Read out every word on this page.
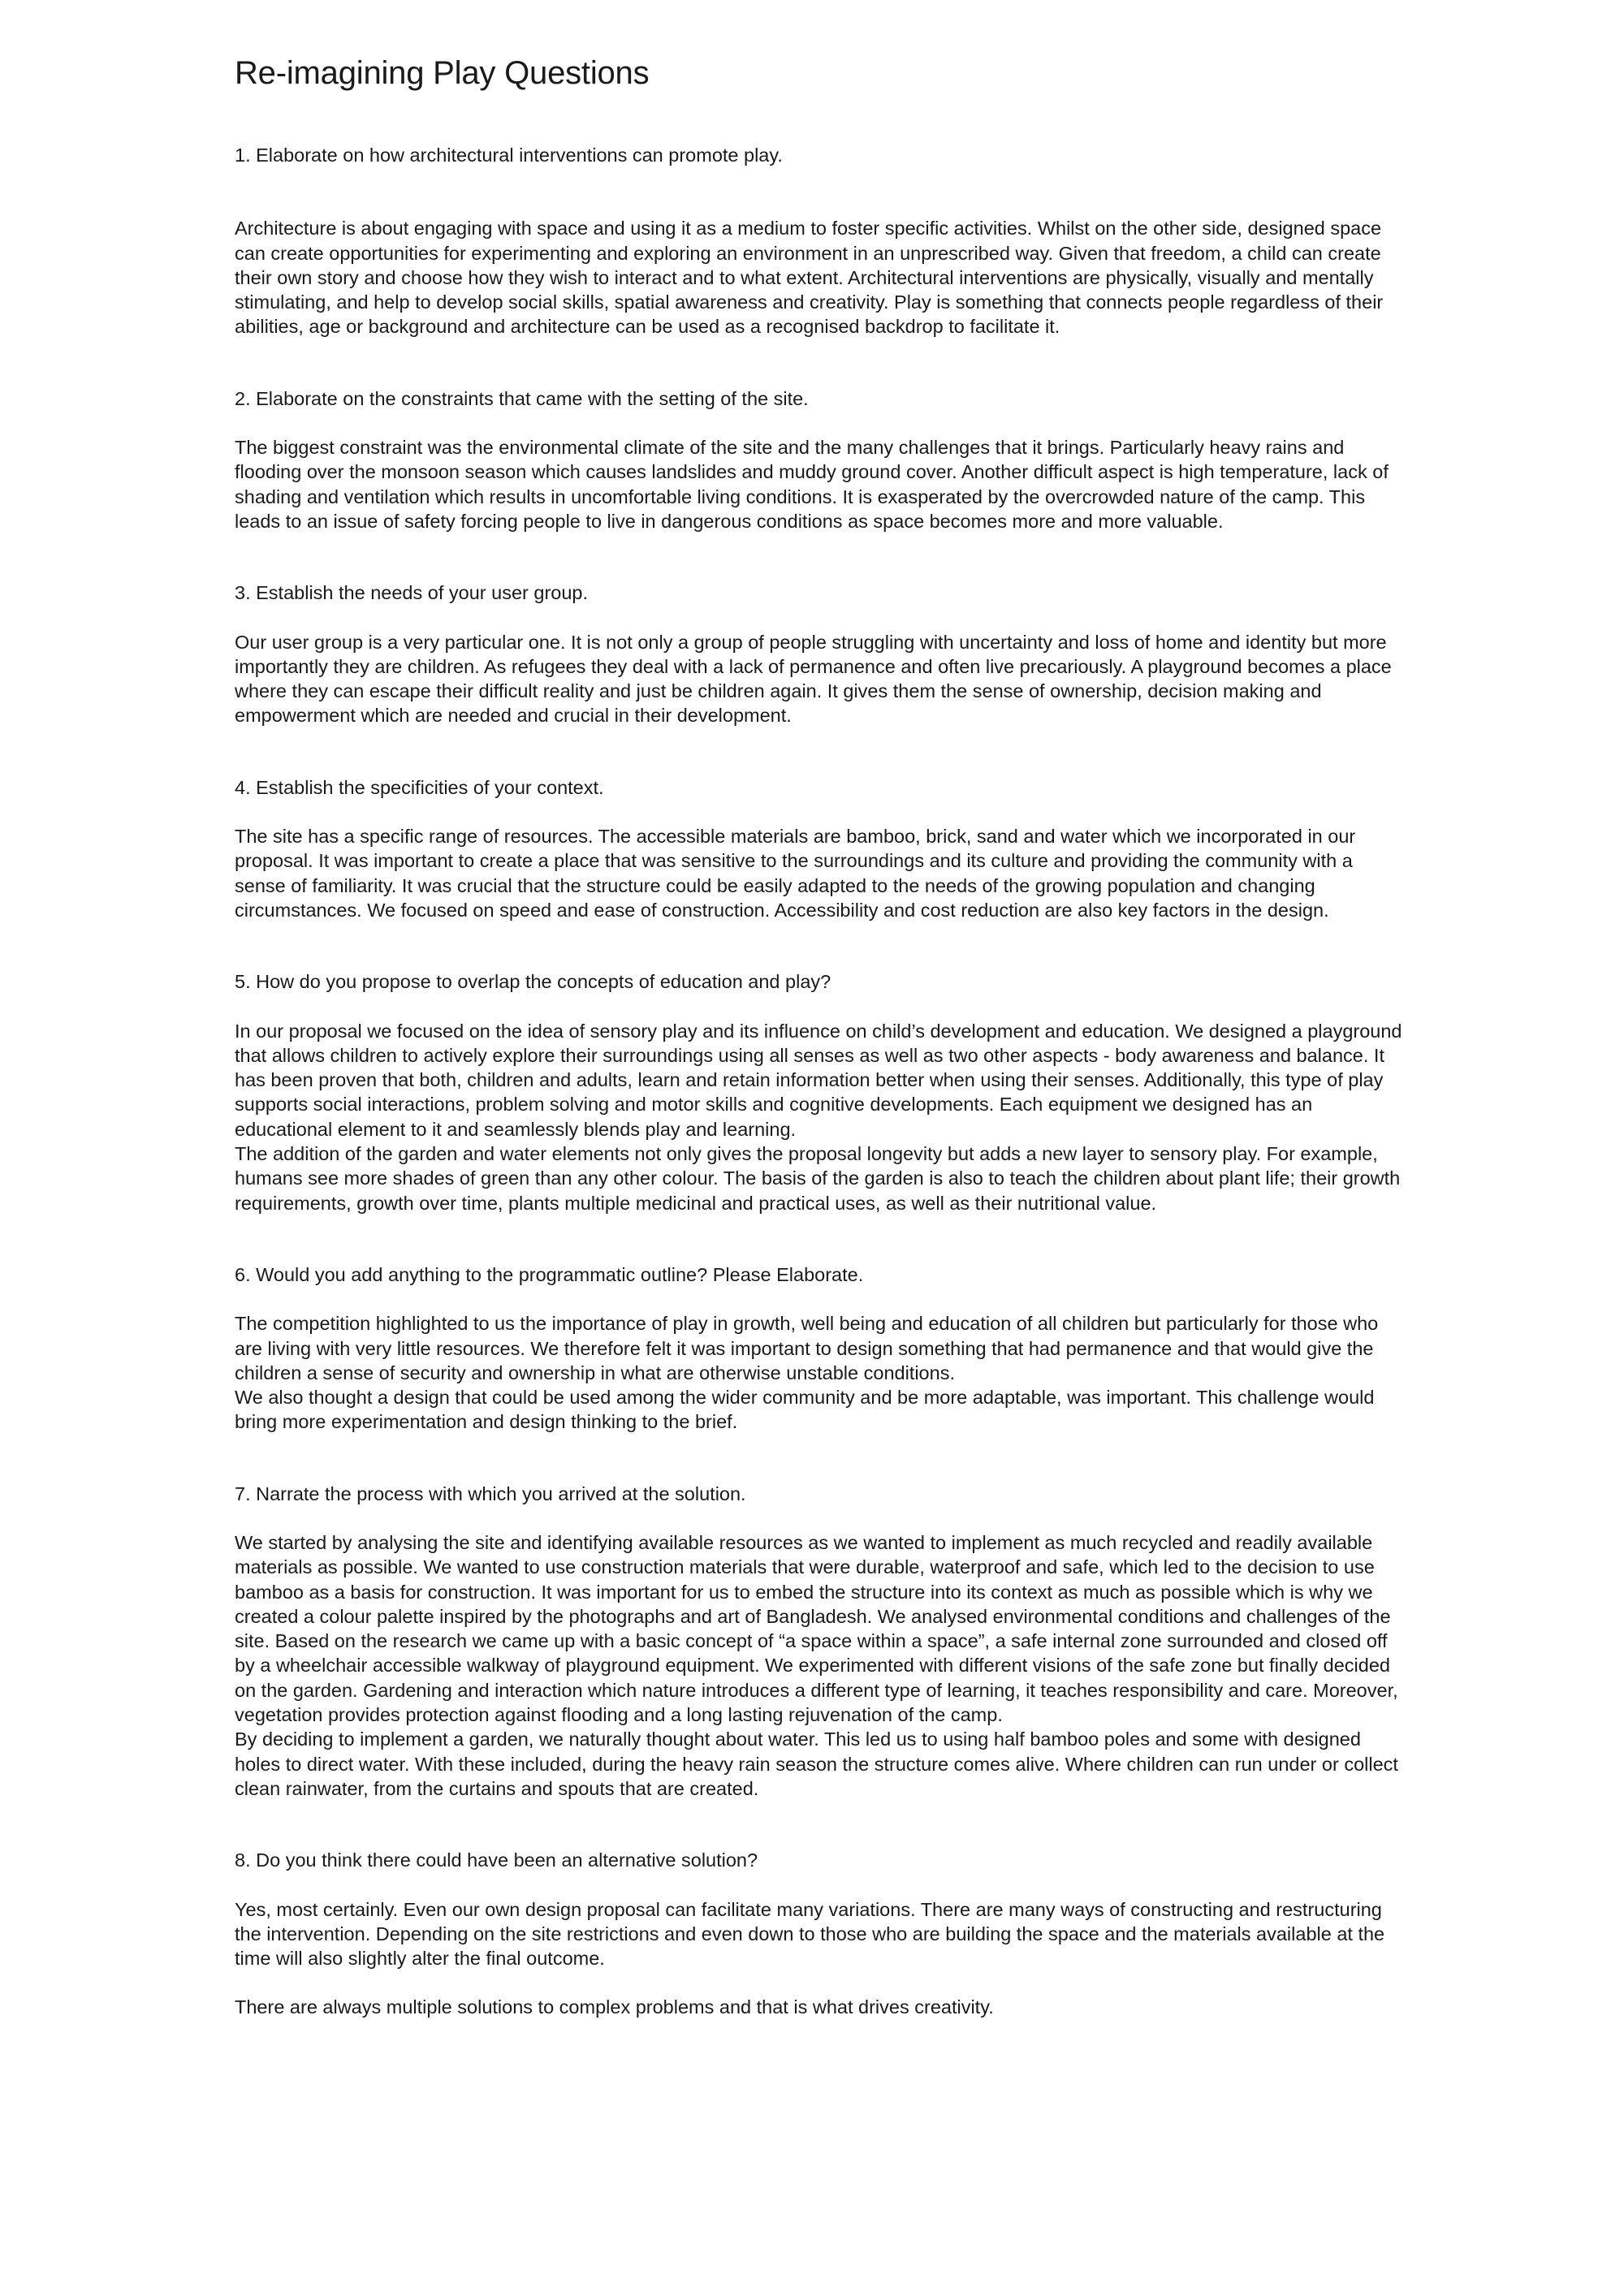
Re-imagining Play Questions
1. Elaborate on how architectural interventions can promote play.

Architecture is about engaging with space and using it as a medium to foster specific activities. Whilst on the other side, designed space can create opportunities for experimenting and exploring an environment in an unprescribed way. Given that freedom, a child can create their own story and choose how they wish to interact and to what extent. Architectural interventions are physically, visually and mentally stimulating, and help to develop social skills, spatial awareness and creativity. Play is something that connects people regardless of their abilities, age or background and architecture can be used as a recognised backdrop to facilitate it.

2. Elaborate on the constraints that came with the setting of the site.

The biggest constraint was the environmental climate of the site and the many challenges that it brings. Particularly heavy rains and flooding over the monsoon season which causes landslides and muddy ground cover. Another difficult aspect is high temperature, lack of shading and ventilation which results in uncomfortable living conditions. It is exasperated by the overcrowded nature of the camp. This leads to an issue of safety forcing people to live in dangerous conditions as space becomes more and more valuable.

3. Establish the needs of your user group.

Our user group is a very particular one. It is not only a group of people struggling with uncertainty and loss of home and identity but more importantly they are children. As refugees they deal with a lack of permanence and often live precariously. A playground becomes a place where they can escape their difficult reality and just be children again. It gives them the sense of ownership, decision making and empowerment which are needed and crucial in their development.

4. Establish the specificities of your context.

The site has a specific range of resources. The accessible materials are bamboo, brick, sand and water which we incorporated in our proposal. It was important to create a place that was sensitive to the surroundings and its culture and providing the community with a sense of familiarity. It was crucial that the structure could be easily adapted to the needs of the growing population and changing circumstances. We focused on speed and ease of construction. Accessibility and cost reduction are also key factors in the design.

5. How do you propose to overlap the concepts of education and play?

In our proposal we focused on the idea of sensory play and its influence on child’s development and education. We designed a playground that allows children to actively explore their surroundings using all senses as well as two other aspects - body awareness and balance. It has been proven that both, children and adults, learn and retain information better when using their senses. Additionally, this type of play supports social interactions, problem solving and motor skills and cognitive developments. Each equipment we designed has an educational element to it and seamlessly blends play and learning.

The addition of the garden and water elements not only gives the proposal longevity but adds a new layer to sensory play. For example, humans see more shades of green than any other colour. The basis of the garden is also to teach the children about plant life; their growth requirements, growth over time, plants multiple medicinal and practical uses, as well as their nutritional value.

6. Would you add anything to the programmatic outline? Please Elaborate.

The competition highlighted to us the importance of play in growth, well being and education of all children but particularly for those who are living with very little resources. We therefore felt it was important to design something that had permanence and that would give the children a sense of security and ownership in what are otherwise unstable conditions.

We also thought a design that could be used among the wider community and be more adaptable, was important. This challenge would bring more experimentation and design thinking to the brief.

7. Narrate the process with which you arrived at the solution.

We started by analysing the site and identifying available resources as we wanted to implement as much recycled and readily available materials as possible. We wanted to use construction materials that were durable, waterproof and safe, which led to the decision to use bamboo as a basis for construction. It was important for us to embed the structure into its context as much as possible which is why we created a colour palette inspired by the photographs and art of Bangladesh. We analysed environmental conditions and challenges of the site. Based on the research we came up with a basic concept of “a space within a space”, a safe internal zone surrounded and closed off by a wheelchair accessible walkway of playground equipment. We experimented with different visions of the safe zone but finally decided on the garden. Gardening and interaction which nature introduces a different type of learning, it teaches responsibility and care. Moreover, vegetation provides protection against flooding and a long lasting rejuvenation of the camp.

By deciding to implement a garden, we naturally thought about water. This led us to using half bamboo poles and some with designed holes to direct water. With these included, during the heavy rain season the structure comes alive. Where children can run under or collect clean rainwater, from the curtains and spouts that are created.

8. Do you think there could have been an alternative solution?

Yes, most certainly. Even our own design proposal can facilitate many variations. There are many ways of constructing and restructuring the intervention. Depending on the site restrictions and even down to those who are building the space and the materials available at the time will also slightly alter the final outcome.

There are always multiple solutions to complex problems and that is what drives creativity.
